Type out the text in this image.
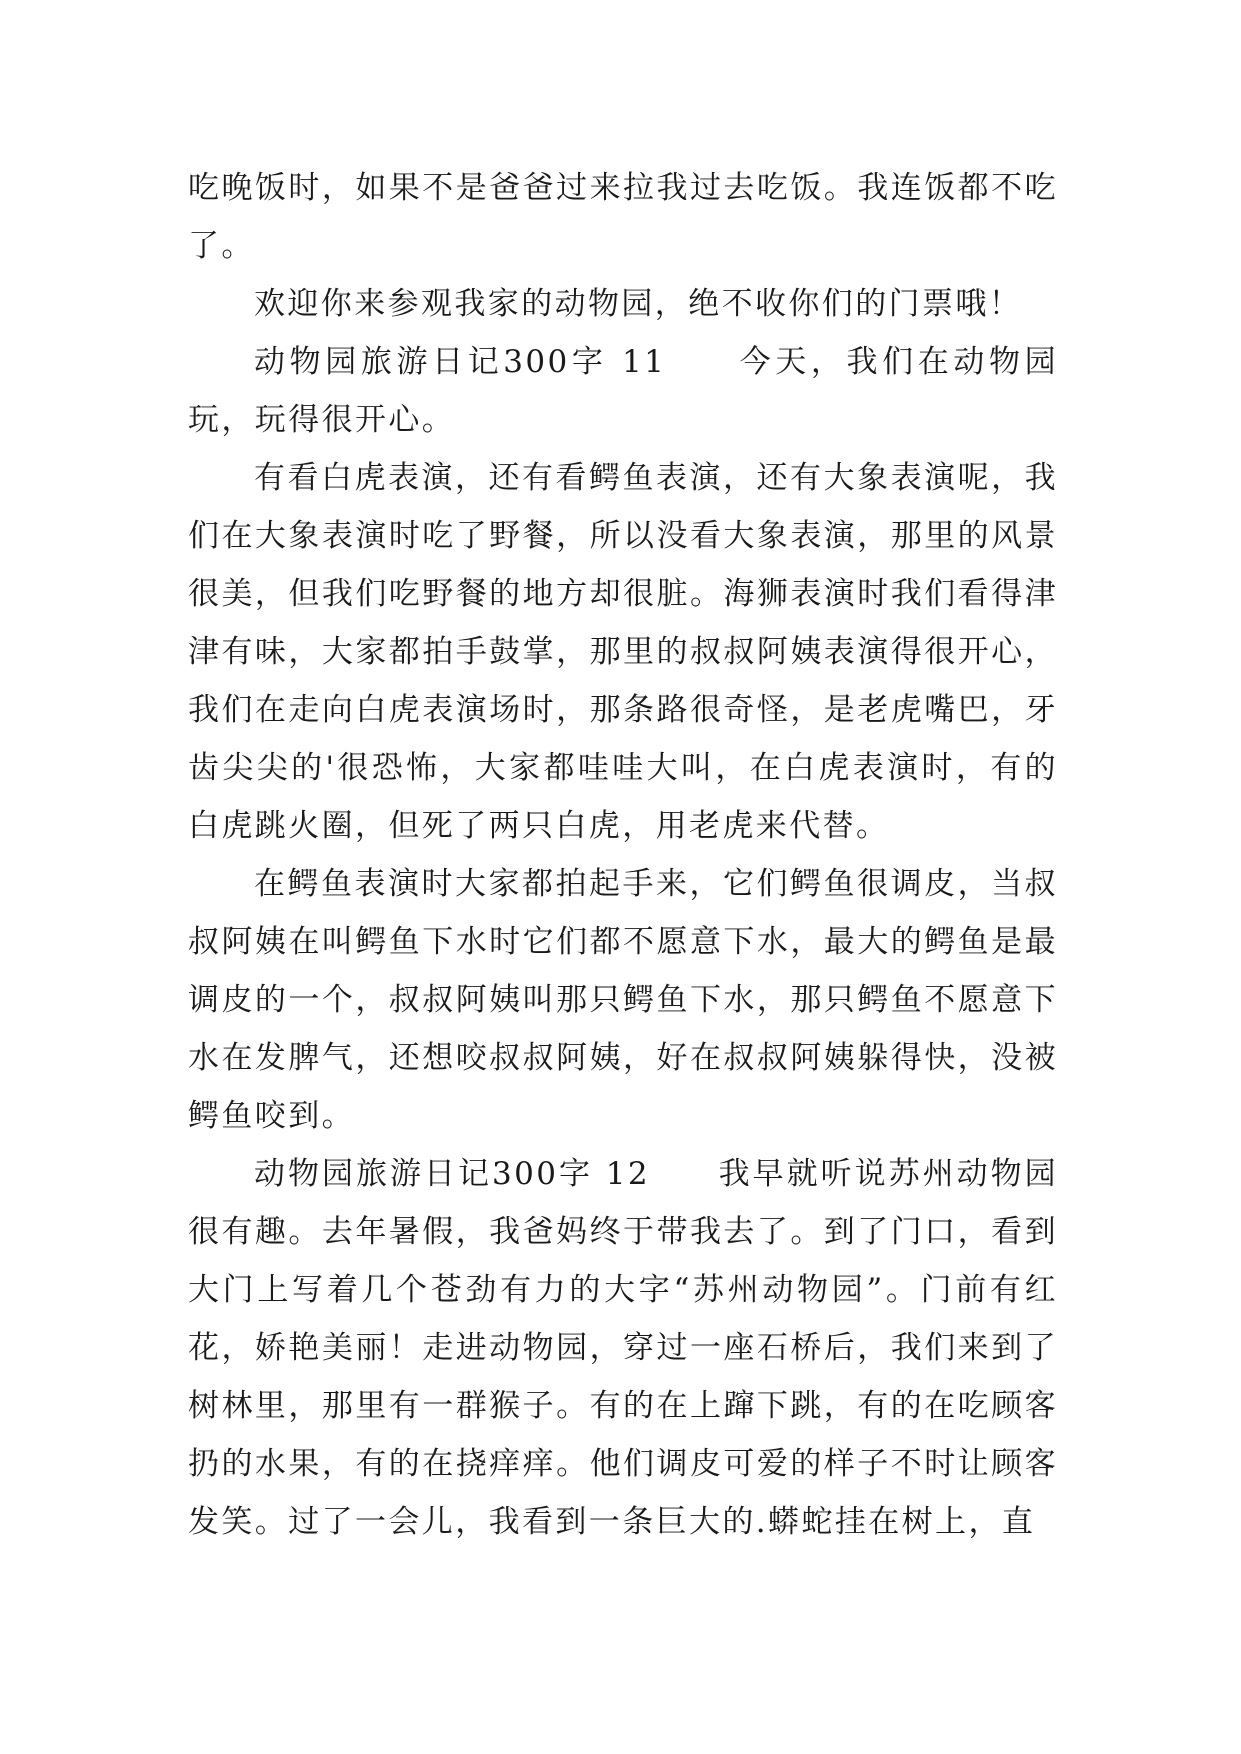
吃晚饭时，如果不是爸爸过来拉我过去吃饭。我连饭都不吃了。

欢迎你来参观我家的动物园，绝不收你们的门票哦！

动物园旅游日记300字 11　　今天，我们在动物园玩，玩得很开心。

有看白虎表演，还有看鳄鱼表演，还有大象表演呢，我们在大象表演时吃了野餐，所以没看大象表演，那里的风景很美，但我们吃野餐的地方却很脏。海狮表演时我们看得津津有味，大家都拍手鼓掌，那里的叔叔阿姨表演得很开心，我们在走向白虎表演场时，那条路很奇怪，是老虎嘴巴，牙齿尖尖的'很恐怖，大家都哇哇大叫，在白虎表演时，有的白虎跳火圈，但死了两只白虎，用老虎来代替。

在鳄鱼表演时大家都拍起手来，它们鳄鱼很调皮，当叔叔阿姨在叫鳄鱼下水时它们都不愿意下水，最大的鳄鱼是最调皮的一个，叔叔阿姨叫那只鳄鱼下水，那只鳄鱼不愿意下水在发脾气，还想咬叔叔阿姨，好在叔叔阿姨躲得快，没被鳄鱼咬到。

动物园旅游日记300字 12　　我早就听说苏州动物园很有趣。去年暑假，我爸妈终于带我去了。到了门口，看到大门上写着几个苍劲有力的大字“苏州动物园”。门前有红花，娇艳美丽！走进动物园，穿过一座石桥后，我们来到了树林里，那里有一群猴子。有的在上蹿下跳，有的在吃顾客扔的水果，有的在挠痒痒。他们调皮可爱的样子不时让顾客发笑。过了一会儿，我看到一条巨大的.蟒蛇挂在树上，直
